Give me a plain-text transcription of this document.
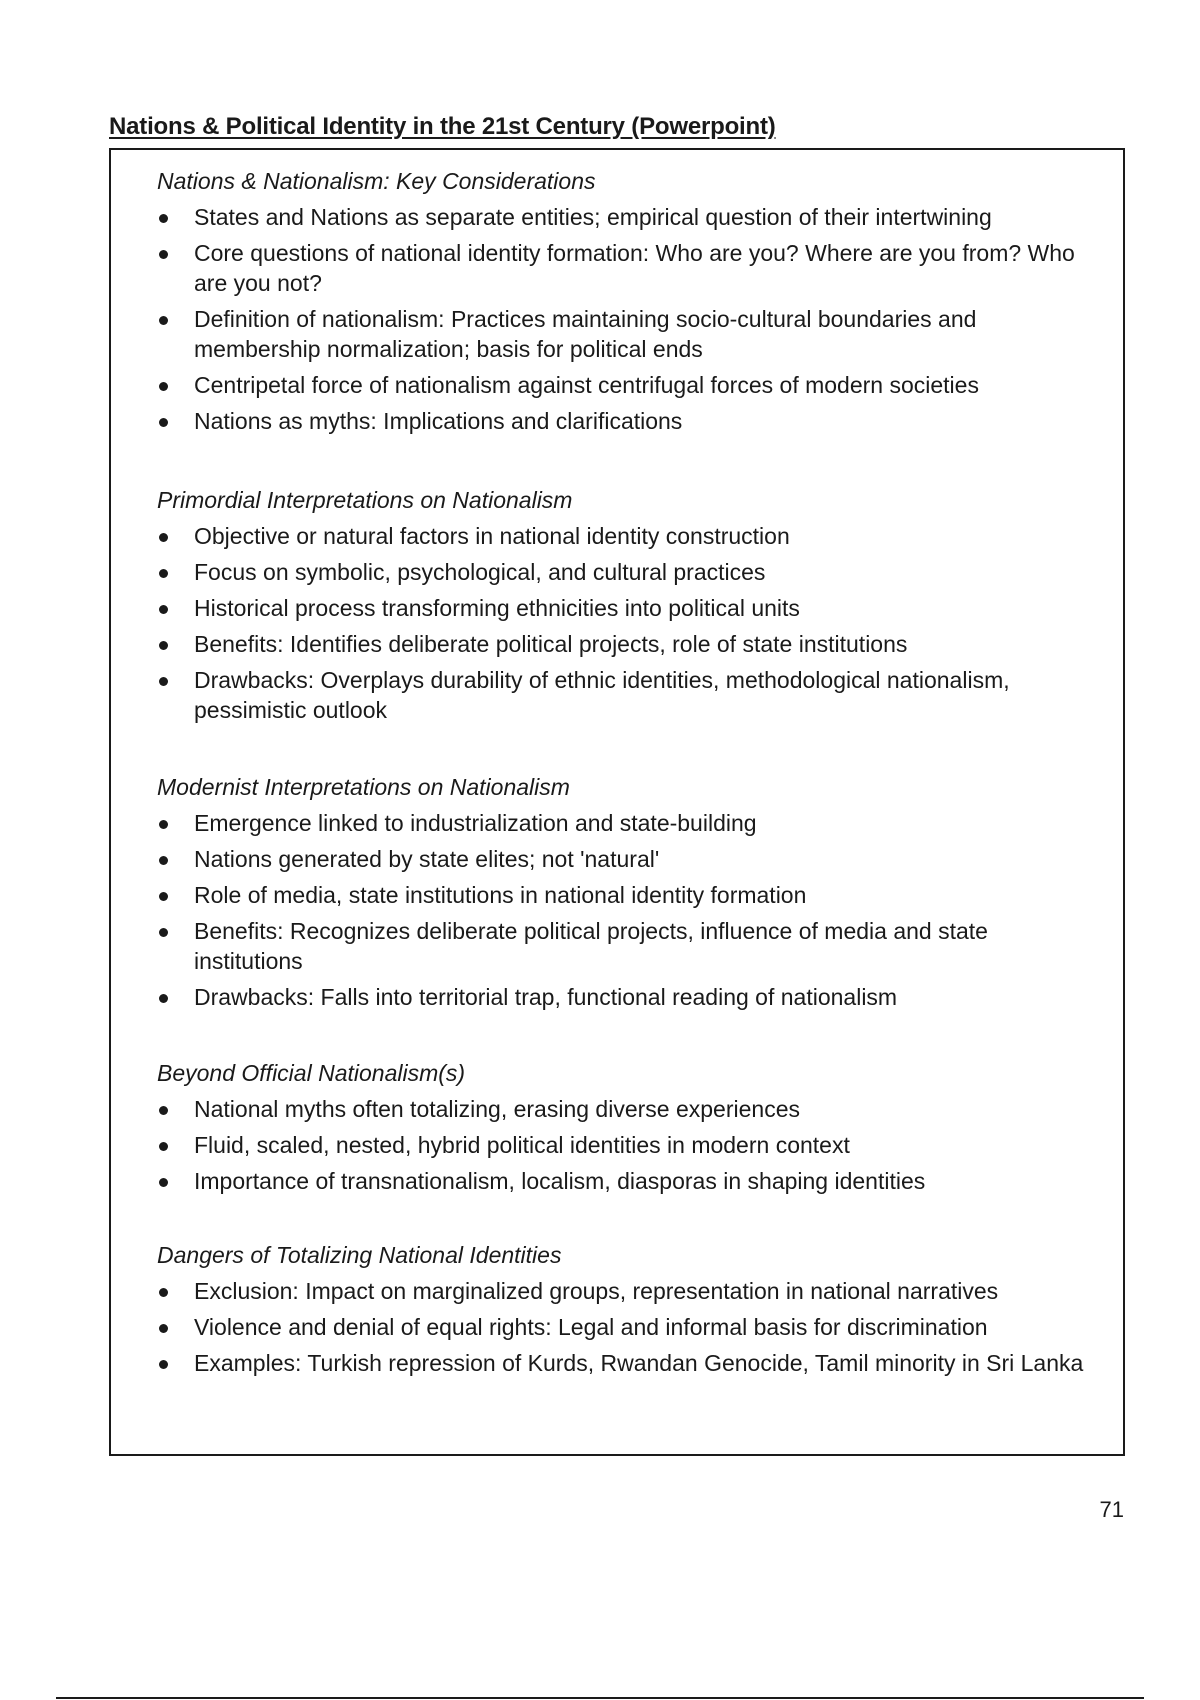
Nations & Political Identity in the 21st Century (Powerpoint)
Nations & Nationalism: Key Considerations
States and Nations as separate entities; empirical question of their intertwining
Core questions of national identity formation: Who are you? Where are you from? Who are you not?
Definition of nationalism: Practices maintaining socio-cultural boundaries and membership normalization; basis for political ends
Centripetal force of nationalism against centrifugal forces of modern societies
Nations as myths: Implications and clarifications
Primordial Interpretations on Nationalism
Objective or natural factors in national identity construction
Focus on symbolic, psychological, and cultural practices
Historical process transforming ethnicities into political units
Benefits: Identifies deliberate political projects, role of state institutions
Drawbacks: Overplays durability of ethnic identities, methodological nationalism, pessimistic outlook
Modernist Interpretations on Nationalism
Emergence linked to industrialization and state-building
Nations generated by state elites; not 'natural'
Role of media, state institutions in national identity formation
Benefits: Recognizes deliberate political projects, influence of media and state institutions
Drawbacks: Falls into territorial trap, functional reading of nationalism
Beyond Official Nationalism(s)
National myths often totalizing, erasing diverse experiences
Fluid, scaled, nested, hybrid political identities in modern context
Importance of transnationalism, localism, diasporas in shaping identities
Dangers of Totalizing National Identities
Exclusion: Impact on marginalized groups, representation in national narratives
Violence and denial of equal rights: Legal and informal basis for discrimination
Examples: Turkish repression of Kurds, Rwandan Genocide, Tamil minority in Sri Lanka
71
